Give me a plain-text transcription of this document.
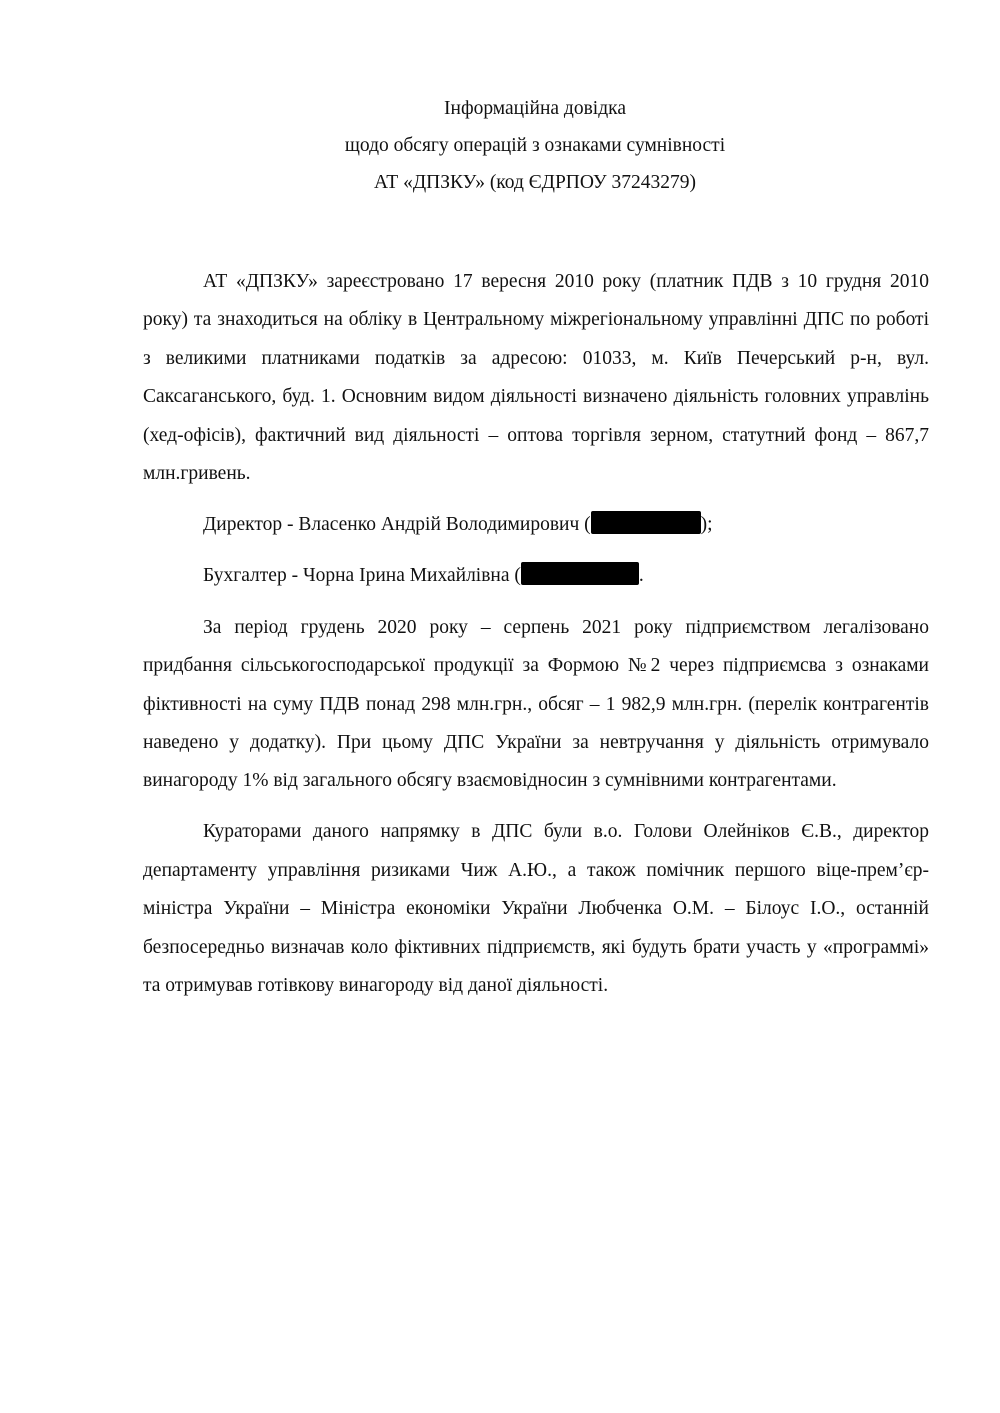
Інформаційна довідка
щодо обсягу операцій з ознаками сумнівності
АТ «ДПЗКУ» (код ЄДРПОУ 37243279)

АТ «ДПЗКУ» зареєстровано 17 вересня 2010 року (платник ПДВ з 10 грудня 2010 року) та знаходиться на обліку в Центральному міжрегіональному управлінні ДПС по роботі з великими платниками податків за адресою: 01033, м. Київ Печерський р-н, вул. Саксаганського, буд. 1. Основним видом діяльності визначено діяльність головних управлінь (хед-офісів), фактичний вид діяльності – оптова торгівля зерном, статутний фонд – 867,7 млн.гривень.

Директор - Власенко Андрій Володимирович (	);

Бухгалтер - Чорна Ірина Михайлівна (	.

За період грудень 2020 року – серпень 2021 року підприємством легалізовано придбання сільськогосподарської продукції за Формою №2 через підприємсва з ознаками фіктивності на суму ПДВ понад 298 млн.грн., обсяг – 1 982,9 млн.грн. (перелік контрагентів наведено у додатку). При цьому ДПС України за невтручання у діяльність отримувало винагороду 1% від загального обсягу взаємовідносин з сумнівними контрагентами.

Кураторами даного напрямку в ДПС були в.о. Голови Олейніков Є.В., директор департаменту управління ризиками Чиж А.Ю., а також помічник першого віце-прем’єр-міністра України – Міністра економіки України Любченка О.М. – Білоус І.О., останній безпосередньо визначав коло фіктивних підприємств, які будуть брати участь у «программі» та отримував готівкову винагороду від даної діяльності.
